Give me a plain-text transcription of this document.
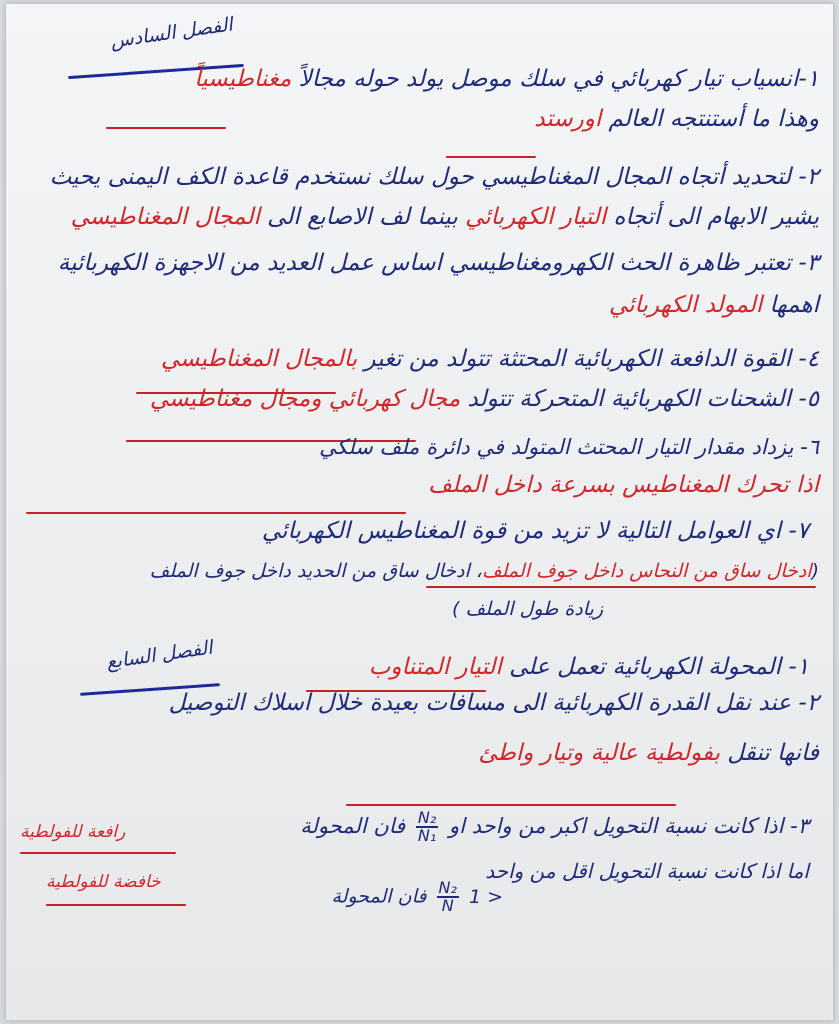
الفصل السادس
١-انسياب تيار كهربائي في سلك موصل يولد حوله مجالاً مغناطيسياً
وهذا ما أستنتجه العالم اورستد
٢- لتحديد أتجاه المجال المغناطيسي حول سلك نستخدم قاعدة الكف اليمنى يحيث
يشير الابهام الى أتجاه التيار الكهربائي بينما لف الاصابع الى المجال المغناطيسي
٣- تعتبر ظاهرة الحث الكهرومغناطيسي اساس عمل العديد من الاجهزة الكهربائية
اهمها المولد الكهربائي
٤- القوة الدافعة الكهربائية المحتثة تتولد من تغير بالمجال المغناطيسي
٥- الشحنات الكهربائية المتحركة تتولد مجال كهربائي ومجال مغناطيسي
٦- يزداد مقدار التيار المحتث المتولد في دائرة ملف سلكي
اذا تحرك المغناطيس بسرعة داخل الملف
٧- اي العوامل التالية لا تزيد من قوة المغناطيس الكهربائي
(ادخال ساق من النحاس داخل جوف الملف، ادخال ساق من الحديد داخل جوف الملف
زيادة طول الملف )
الفصل السابع	١- المحولة الكهربائية تعمل على التيار المتناوب
٢- عند نقل القدرة الكهربائية الى مسافات بعيدة خلال اسلاك التوصيل
فانها تنقل بفولطية عالية وتيار واطئ
٣- اذا كانت نسبة التحويل اكبر من واحد او
$\frac{\text{N₂}}{\text{N₁}}$
فان المحولة
رافعة للفولطية
اما اذا كانت نسبة التحويل اقل من واحد
1 >
$\frac{\text{N₂}}{N}$
فان المحولة
خافضة للفولطية
